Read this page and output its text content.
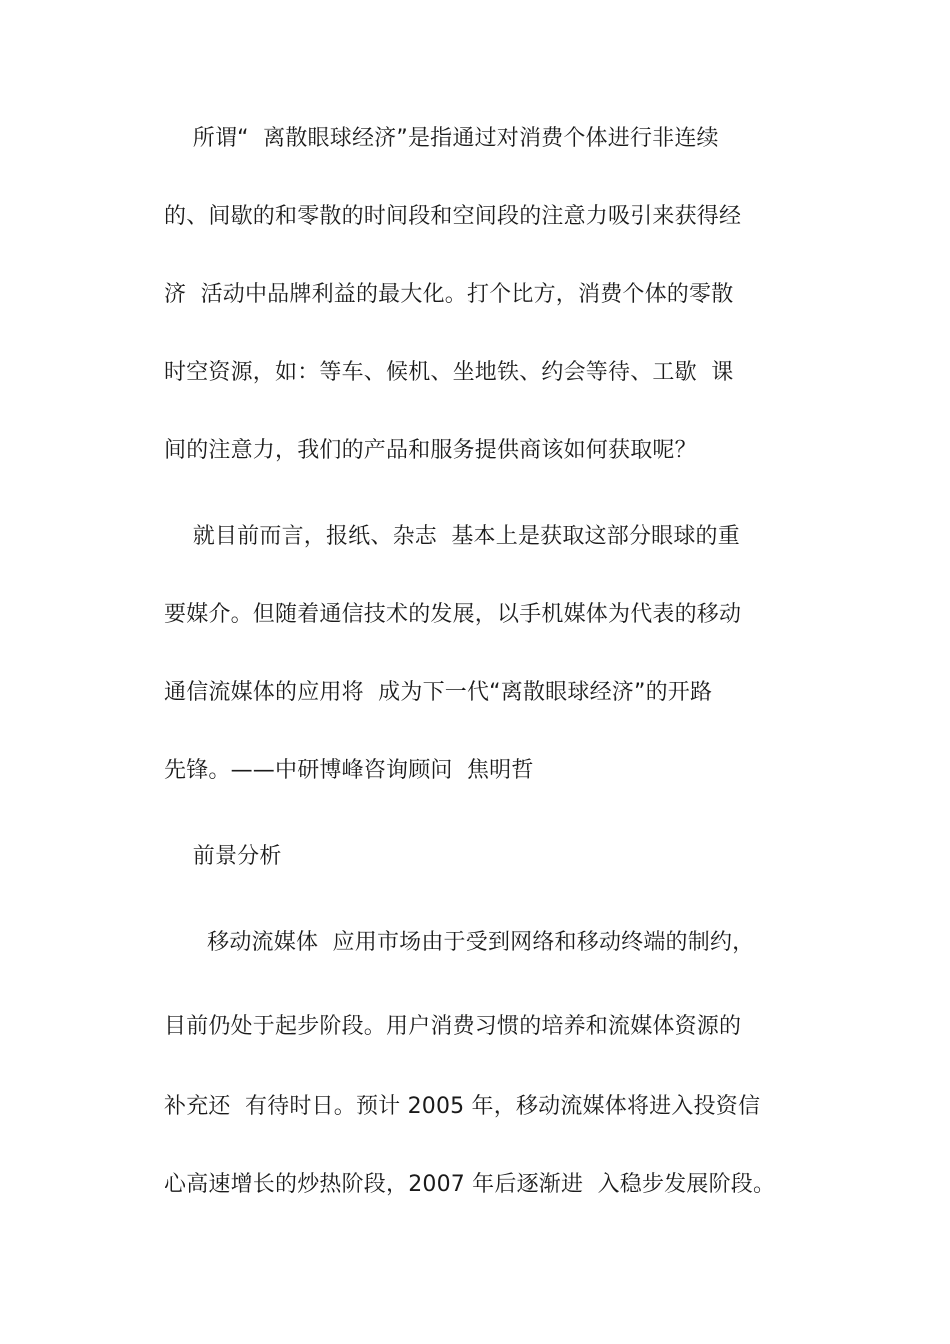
所谓“  离散眼球经济”是指通过对消费个体进行非连续
的、间歇的和零散的时间段和空间段的注意力吸引来获得经
济  活动中品牌利益的最大化。打个比方，消费个体的零散
时空资源，如：等车、候机、坐地铁、约会等待、工歇  课
间的注意力，我们的产品和服务提供商该如何获取呢？
就目前而言，报纸、杂志  基本上是获取这部分眼球的重
要媒介。但随着通信技术的发展，以手机媒体为代表的移动
通信流媒体的应用将  成为下一代“离散眼球经济”的开路
先锋。——中研博峰咨询顾问  焦明哲
前景分析
移动流媒体  应用市场由于受到网络和移动终端的制约，
目前仍处于起步阶段。用户消费习惯的培养和流媒体资源的
补充还  有待时日。预计 2005 年，移动流媒体将进入投资信
心高速增长的炒热阶段，2007 年后逐渐进  入稳步发展阶段。
